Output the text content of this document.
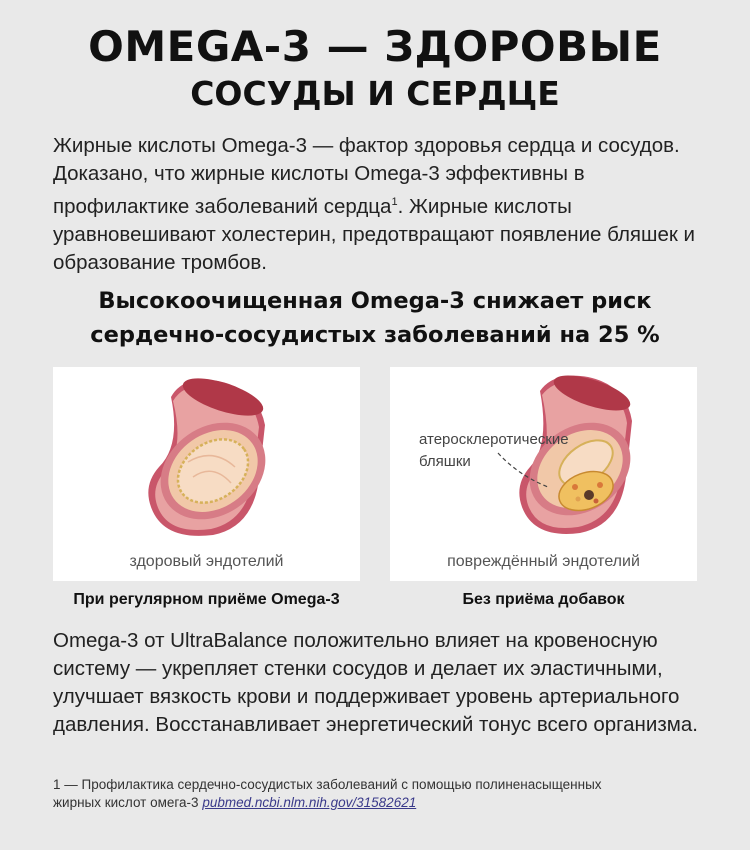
OMEGA-3 — ЗДОРОВЫЕ
СОСУДЫ И СЕРДЦЕ
Жирные кислоты Omega-3 — фактор здоровья сердца и сосудов. Доказано, что жирные кислоты Omega-3 эффективны в профилактике заболеваний сердца$^1$. Жирные кислоты уравновешивают холестерин, предотвращают появление бляшек и образование тромбов.
Высокоочищенная Omega-3 снижает риск
сердечно-сосудистых заболеваний на 25 %
здоровый эндотелий
атеросклеротические
бляшки
повреждённый эндотелий
При регулярном приёме Omega-3	Без приёма добавок
Omega-3 от UltraBalance положительно влияет на кровеносную систему — укрепляет стенки сосудов и делает их эластичными, улучшает вязкость крови и поддерживает уровень артериального давления. Восстанавливает энергетический тонус всего организма.
1 — Профилактика сердечно-сосудистых заболеваний с помощью полиненасыщенных
жирных кислот омега-3 pubmed.ncbi.nlm.nih.gov/31582621
